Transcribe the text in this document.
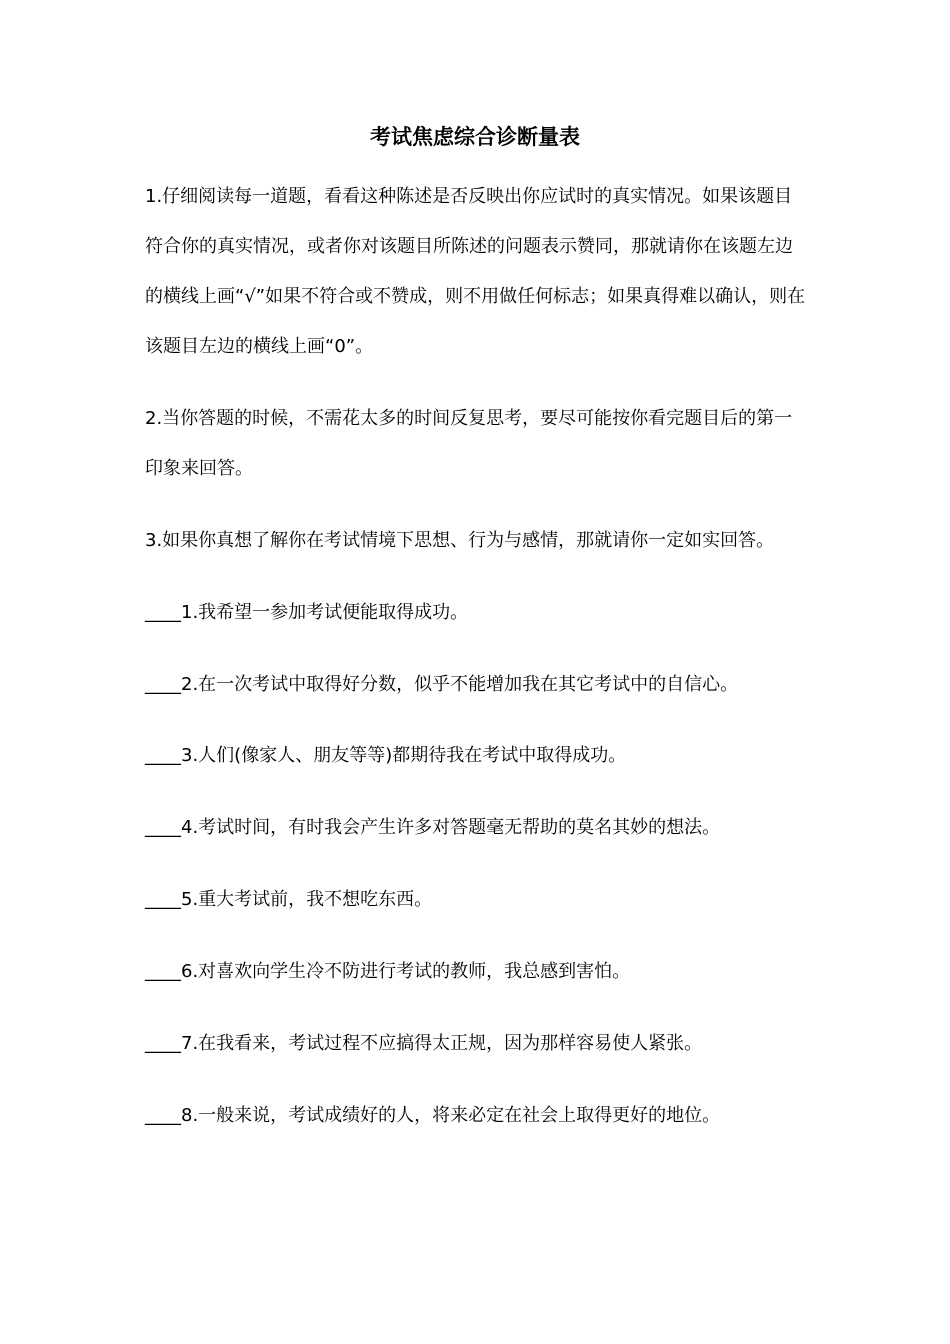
考试焦虑综合诊断量表

1.仔细阅读每一道题，看看这种陈述是否反映出你应试时的真实情况。如果该题目符合你的真实情况，或者你对该题目所陈述的问题表示赞同，那就请你在该题左边的横线上画“√”如果不符合或不赞成，则不用做任何标志；如果真得难以确认，则在该题目左边的横线上画“0”。

2.当你答题的时候，不需花太多的时间反复思考，要尽可能按你看完题目后的第一印象来回答。

3.如果你真想了解你在考试情境下思想、行为与感情，那就请你一定如实回答。

____1.我希望一参加考试便能取得成功。
____2.在一次考试中取得好分数，似乎不能增加我在其它考试中的自信心。
____3.人们(像家人、朋友等等)都期待我在考试中取得成功。
____4.考试时间，有时我会产生许多对答题毫无帮助的莫名其妙的想法。
____5.重大考试前，我不想吃东西。
____6.对喜欢向学生冷不防进行考试的教师，我总感到害怕。
____7.在我看来，考试过程不应搞得太正规，因为那样容易使人紧张。
____8.一般来说，考试成绩好的人，将来必定在社会上取得更好的地位。
